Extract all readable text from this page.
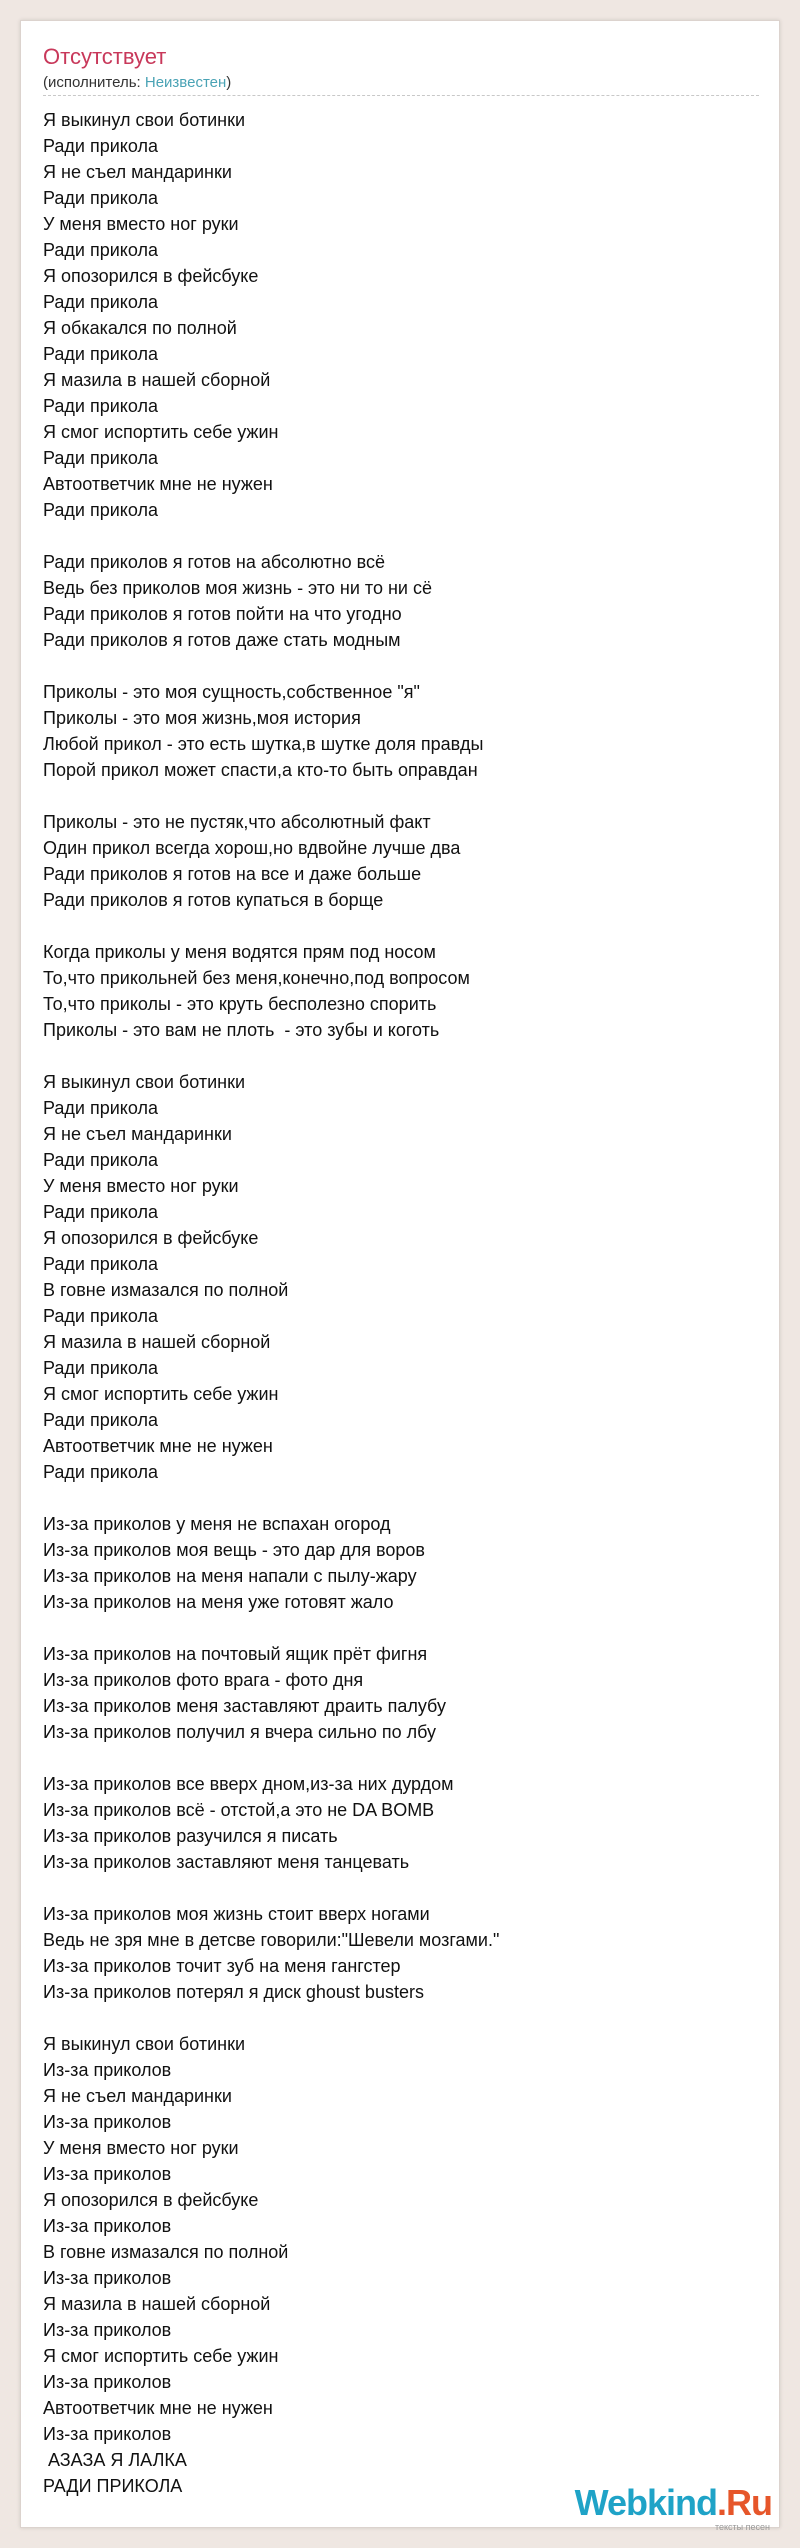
Отсутствует
(исполнитель: Неизвестен)
Я выкинул свои ботинки
Ради прикола
Я не съел мандаринки
Ради прикола
У меня вместо ног руки
Ради прикола
Я опозорился в фейсбуке
Ради прикола
Я обкакался по полной
Ради прикола
Я мазила в нашей сборной
Ради прикола
Я смог испортить себе ужин
Ради прикола
Автоответчик мне не нужен
Ради прикола
Ради приколов я готов на абсолютно всё
Ведь без приколов моя жизнь - это ни то ни сё
Ради приколов я готов пойти на что угодно
Ради приколов я готов даже стать модным
Приколы - это моя сущность,собственное "я"
Приколы - это моя жизнь,моя история
Любой прикол - это есть шутка,в шутке доля правды
Порой прикол может спасти,а кто-то быть оправдан
Приколы - это не пустяк,что абсолютный факт
Один прикол всегда хорош,но вдвойне лучше два
Ради приколов я готов на все и даже больше
Ради приколов я готов купаться в борще
Когда приколы у меня водятся прям под носом
То,что прикольней без меня,конечно,под вопросом
То,что приколы - это круть бесполезно спорить
Приколы - это вам не плоть  - это зубы и коготь
Я выкинул свои ботинки
Ради прикола
Я не съел мандаринки
Ради прикола
У меня вместо ног руки
Ради прикола
Я опозорился в фейсбуке
Ради прикола
В говне измазался по полной
Ради прикола
Я мазила в нашей сборной
Ради прикола
Я смог испортить себе ужин
Ради прикола
Автоответчик мне не нужен
Ради прикола
Из-за приколов у меня не вспахан огород
Из-за приколов моя вещь - это дар для воров
Из-за приколов на меня напали с пылу-жару
Из-за приколов на меня уже готовят жало
Из-за приколов на почтовый ящик прёт фигня
Из-за приколов фото врага - фото дня
Из-за приколов меня заставляют драить палубу
Из-за приколов получил я вчера сильно по лбу
Из-за приколов все вверх дном,из-за них дурдом
Из-за приколов всё - отстой,а это не DA BOMB
Из-за приколов разучился я писать
Из-за приколов заставляют меня танцевать
Из-за приколов моя жизнь стоит вверх ногами
Ведь не зря мне в детсве говорили:"Шевели мозгами."
Из-за приколов точит зуб на меня гангстер
Из-за приколов потерял я диск ghoust busters
Я выкинул свои ботинки
Из-за приколов
Я не съел мандаринки
Из-за приколов
У меня вместо ног руки
Из-за приколов
Я опозорился в фейсбуке
Из-за приколов
В говне измазался по полной
Из-за приколов
Я мазила в нашей сборной
Из-за приколов
Я смог испортить себе ужин
Из-за приколов
Автоответчик мне не нужен
Из-за приколов
АЗАЗА Я ЛАЛКА
РАДИ ПРИКОЛА	Webkind.Ru
тексты песен
